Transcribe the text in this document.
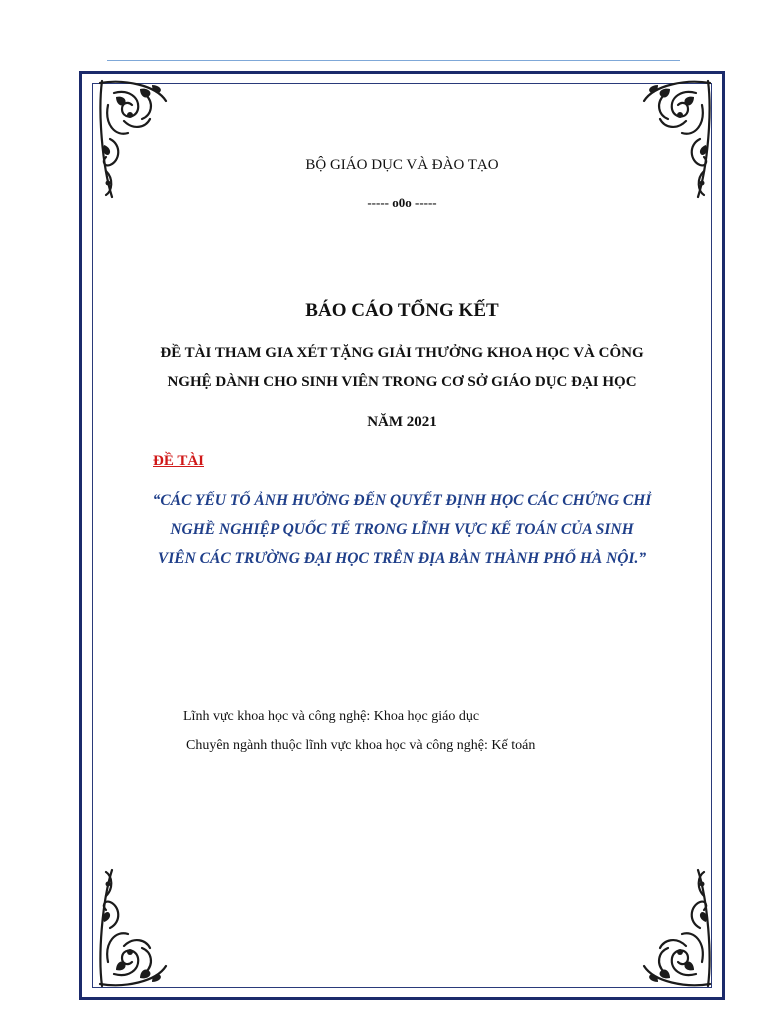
BỘ GIÁO DỤC VÀ ĐÀO TẠO
----- o0o -----
BÁO CÁO TỔNG KẾT
ĐỀ TÀI THAM GIA XÉT TẶNG GIẢI THƯỞNG KHOA HỌC VÀ CÔNG
NGHỆ DÀNH CHO SINH VIÊN TRONG CƠ SỞ GIÁO DỤC ĐẠI HỌC
NĂM 2021
ĐỀ TÀI
“CÁC YẾU TỐ ẢNH HƯỞNG ĐẾN QUYẾT ĐỊNH HỌC CÁC CHỨNG CHỈ
NGHỀ NGHIỆP QUỐC TẾ TRONG LĨNH VỰC KẾ TOÁN CỦA SINH
VIÊN CÁC TRƯỜNG ĐẠI HỌC TRÊN ĐỊA BÀN THÀNH PHỐ HÀ NỘI.”
Lĩnh vực khoa học và công nghệ: Khoa học giáo dục
Chuyên ngành thuộc lĩnh vực khoa học và công nghệ: Kế toán
